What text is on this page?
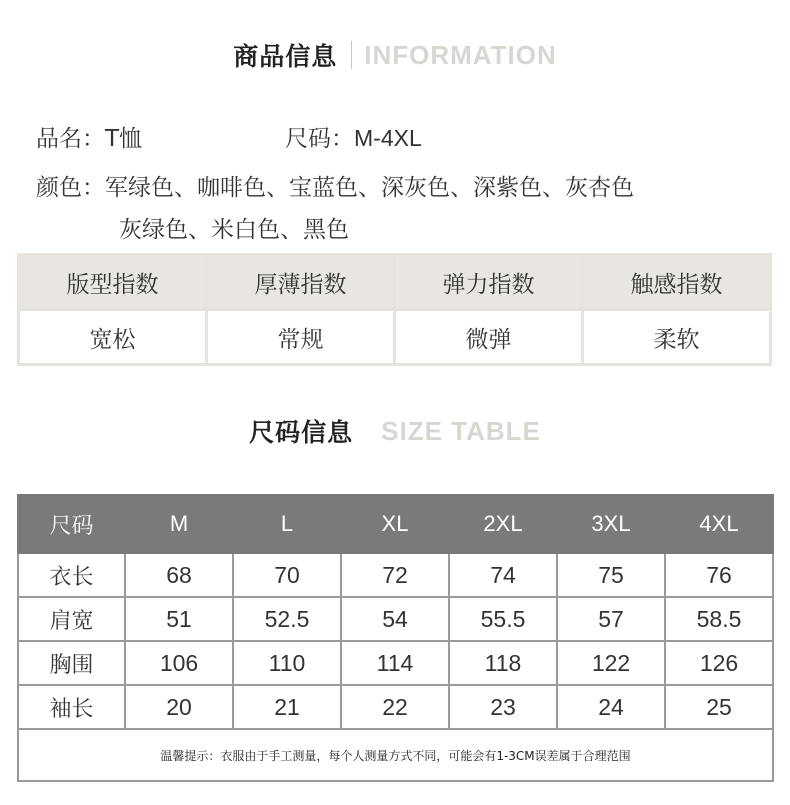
商品信息 INFORMATION
品名：T恤	尺码：M-4XL
颜色：军绿色、咖啡色、宝蓝色、深灰色、深紫色、灰杏色
灰绿色、米白色、黑色
版型指数	厚薄指数	弹力指数	触感指数
宽松	常规	微弹	柔软
尺码信息 SIZE TABLE
尺码	M	L	XL	2XL	3XL	4XL
衣长	68	70	72	74	75	76
肩宽	51	52.5	54	55.5	57	58.5
胸围	106	110	114	118	122	126
袖长	20	21	22	23	24	25
温馨提示：衣服由于手工测量，每个人测量方式不同，可能会有1-3CM误差属于合理范围						
